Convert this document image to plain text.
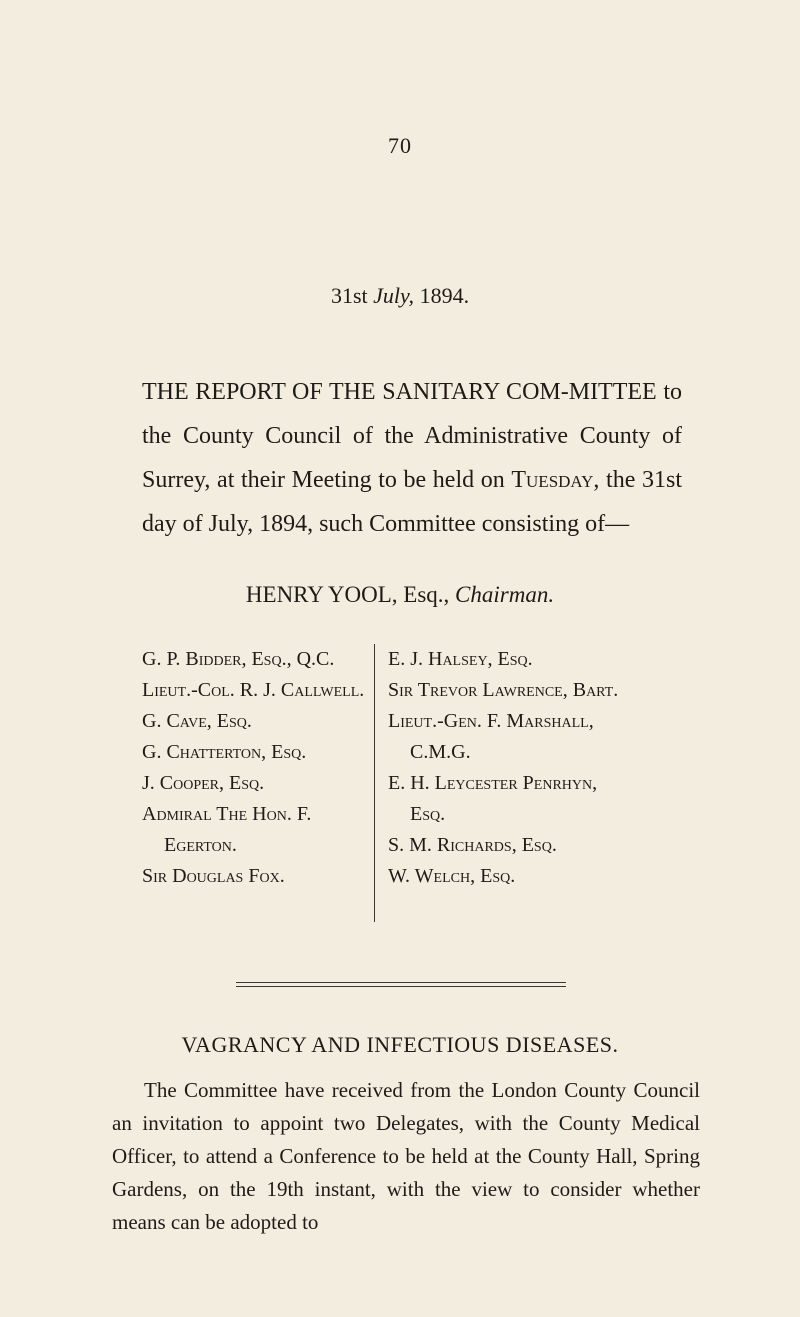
70
31st July, 1894.
THE REPORT OF THE SANITARY COM-MITTEE to the County Council of the Administrative County of Surrey, at their Meeting to be held on Tuesday, the 31st day of July, 1894, such Committee consisting of—
HENRY YOOL, Esq., Chairman.
G. P. Bidder, Esq., Q.C.
Lieut.-Col. R. J. Callwell.
G. Cave, Esq.
G. Chatterton, Esq.
J. Cooper, Esq.
Admiral The Hon. F.
Egerton.
Sir Douglas Fox.
E. J. Halsey, Esq.
Sir Trevor Lawrence, Bart.
Lieut.-Gen. F. Marshall,
C.M.G.
E. H. Leycester Penrhyn,
Esq.
S. M. Richards, Esq.
W. Welch, Esq.
VAGRANCY AND INFECTIOUS DISEASES.
The Committee have received from the London County Council an invitation to appoint two Delegates, with the County Medical Officer, to attend a Conference to be held at the County Hall, Spring Gardens, on the 19th instant, with the view to consider whether means can be adopted to
